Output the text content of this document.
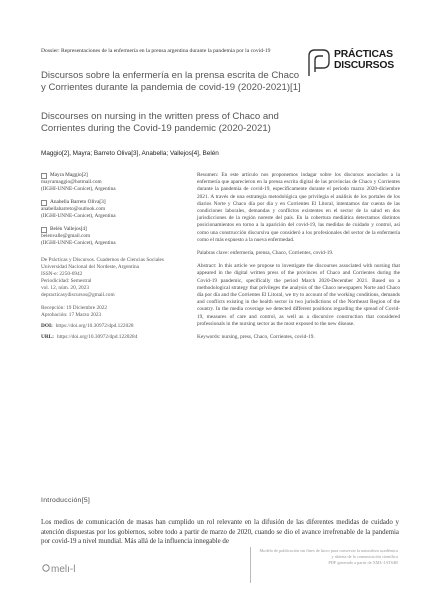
Dossier: Representaciones de la enfermería en la prensa argentina durante la pandemia por la covid-19	PRÁCTICAS
DISCURSOS
Discursos sobre la enfermería en la prensa escrita de Chaco y Corrientes durante la pandemia de covid-19 (2020-2021)[1]
Discourses on nursing in the written press of Chaco and Corrientes during the Covid-19 pandemic (2020-2021)
Maggio[2], Mayra; Barreto Oliva[3], Anabella; Vallejos[4], Belén
Mayra Maggio[2]
mayramaggio@hotmail.com
(IIGHI-UNNE-Conicet), Argentina
Anabella Barreto Oliva[3]
anabellabarreto@outlook.com
(IIGHI-UNNE-Conicet), Argentina
Belén Vallejos[4]
belenvalle@gmail.com
(IIGHI-UNNE-Conicet), Argentina
De Prácticas y Discursos. Cuadernos de Ciencias Sociales
Universidad Nacional del Nordeste, Argentina
ISSN-e: 2250-6942
Periodicidad: Semestral
vol. 12, núm. 20, 2023
depracticasydiscursos@gmail.com
Recepción: 19 Diciembre 2022
Aprobación: 17 Marzo 2023
DOI: https://doi.org/10.30972/dpd.122028
URL: https://doi.org/10.30972/dpd.1220284

Resumen: En este artículo nos proponemos indagar sobre los discursos asociados a la enfermería que aparecieron en la prensa escrita digital de las provincias de Chaco y Corrientes durante la pandemia de covid-19, específicamente durante el período marzo 2020-diciembre 2021. A través de una estrategia metodológica que privilegia el análisis de los portales de los diarios Norte y Chaco día por día y en Corrientes El Litoral, intentamos dar cuenta de las condiciones laborales, demandas y conflictos existentes en el sector de la salud en dos jurisdicciones de la región noreste del país. En la cobertura mediática detectamos distintos posicionamientos en torno a la aparición del covid-19, las medidas de cuidado y control, así como una construcción discursiva que consideró a los profesionales del sector de la enfermería como el más expuesto a la nueva enfermedad.

Palabras clave: enfermería, prensa, Chaco, Corrientes, covid-19.

Abstract: In this article we propose to investigate the discourses associated with nursing that appeared in the digital written press of the provinces of Chaco and Corrientes during the Covid-19 pandemic, specifically the period March 2020-December 2021. Based on a methodological strategy that privileges the analysis of the Chaco newspapers Norte and Chaco día por día and the Corrientes El Litoral, we try to account of the working conditions, demands and conflicts existing in the health sector in two jurisdictions of the Northeast Region of the country. In the media coverage we detected different positions regarding the spread of Covid-19, measures of care and control, as well as a discursive construction that considered professionals in the nursing sector as the most exposed to the new disease.

Keywords: nursing, press, Chaco, Corrientes, covid-19.

Introducción[5]
Los medios de comunicación de masas han cumplido un rol relevante en la difusión de las diferentes medidas de cuidado y atención dispuestas por los gobiernos, sobre todo a partir de marzo de 2020, cuando se dio el avance irrefrenable de la pandemia por covid-19 a nivel mundial. Más allá de la influencia innegable de
melı-l
Modelo de publicación sin fines de lucro para conservar la naturaleza académica y abierta de la comunicación científica
PDF generado a partir de XML-JATS4R
